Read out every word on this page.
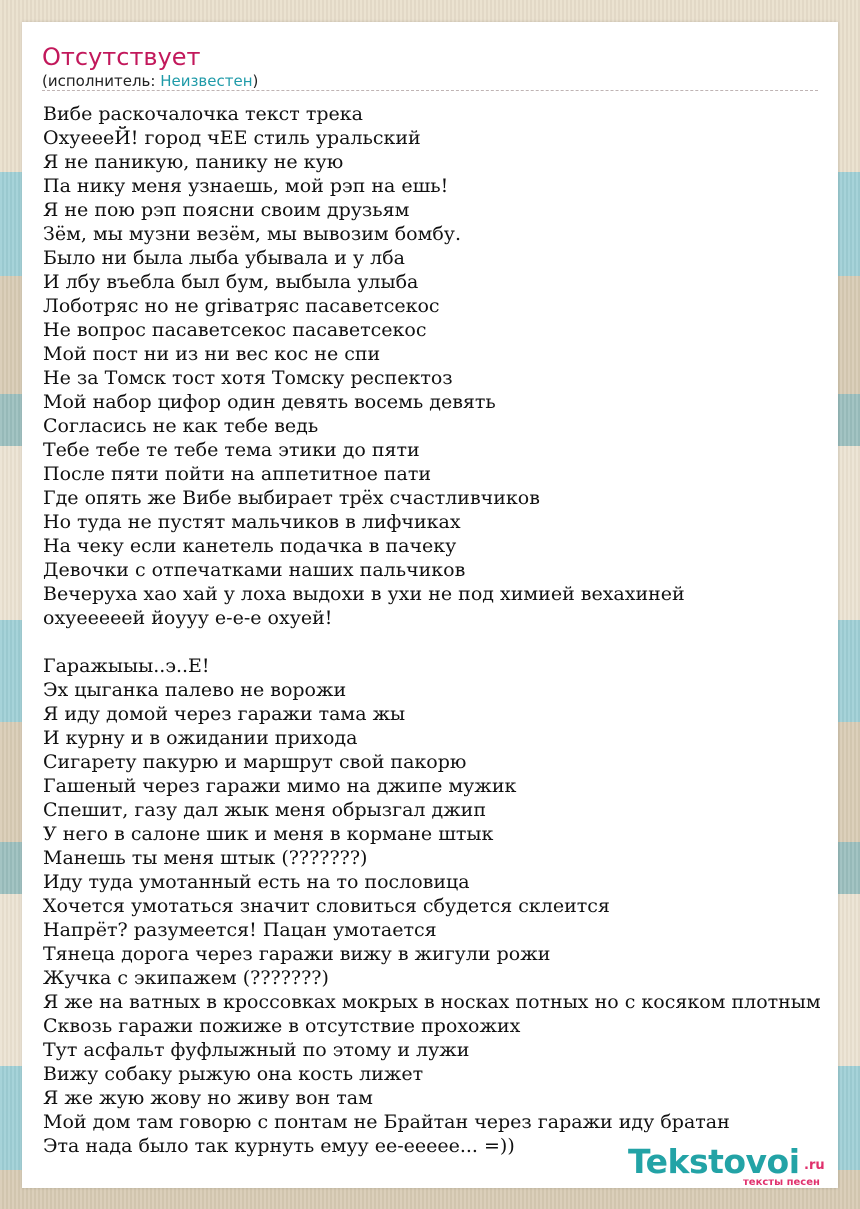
Отсутствует
(исполнитель: Неизвестен)
Вибе раскочалочка текст трека
ОхуеееЙ! город чЕЕ стиль уральский
Я не паникую, панику не кую
Па нику меня узнаешь, мой рэп на ешь!
Я не пою рэп поясни своим друзьям
Зём, мы музни везём, мы вывозим бомбу.
Было ни была лыба убывала и у лба
И лбу въебла был бум, выбыла улыба
Лоботряс но не griватряс пасаветсекос
Не вопрос пасаветсекос пасаветсекос
Мой пост ни из ни вес кос не спи
Не за Томск тост хотя Томску респектоз
Мой набор цифор один девять восемь девять
Согласись не как тебе ведь
Тебе тебе те тебе тема этики до пяти
После пяти пойти на аппетитное пати
Где опять же Вибе выбирает трёх счастливчиков
Но туда не пустят мальчиков в лифчиках
На чеку если канетель подачка в пачеку
Девочки с отпечатками наших пальчиков
Вечеруха хао хай у лоха выдохи в ухи не под химией вехахиней
охуееееей йоууу е-е-е охуей!
Гаражыыы..э..Е!
Эх цыганка палево не ворожи
Я иду домой через гаражи тама жы
И курну и в ожидании прихода
Сигарету пакурю и маршрут свой пакорю
Гашеный через гаражи мимо на джипе мужик
Спешит, газу дал жык меня обрызгал джип
У него в салоне шик и меня в кормане штык
Манешь ты меня штык (???????)
Иду туда умотанный есть на то пословица
Хочется умотаться значит словиться сбудется склеится
Напрёт? разумеется! Пацан умотается
Тянеца дорога через гаражи вижу в жигули рожи
Жучка с экипажем (???????)
Я же на ватных в кроссовках мокрых в носках потных но с косяком плотным
Сквозь гаражи пожиже в отсутствие прохожих
Тут асфальт фуфлыжный по этому и лужи
Вижу собаку рыжую она кость лижет
Я же жую жову но живу вон там
Мой дом там говорю с понтам не Брайтан через гаражи иду братан
Эта нада было так курнуть емуу ее-ееееe... =))	Tekstovoi .ru
тексты песен
